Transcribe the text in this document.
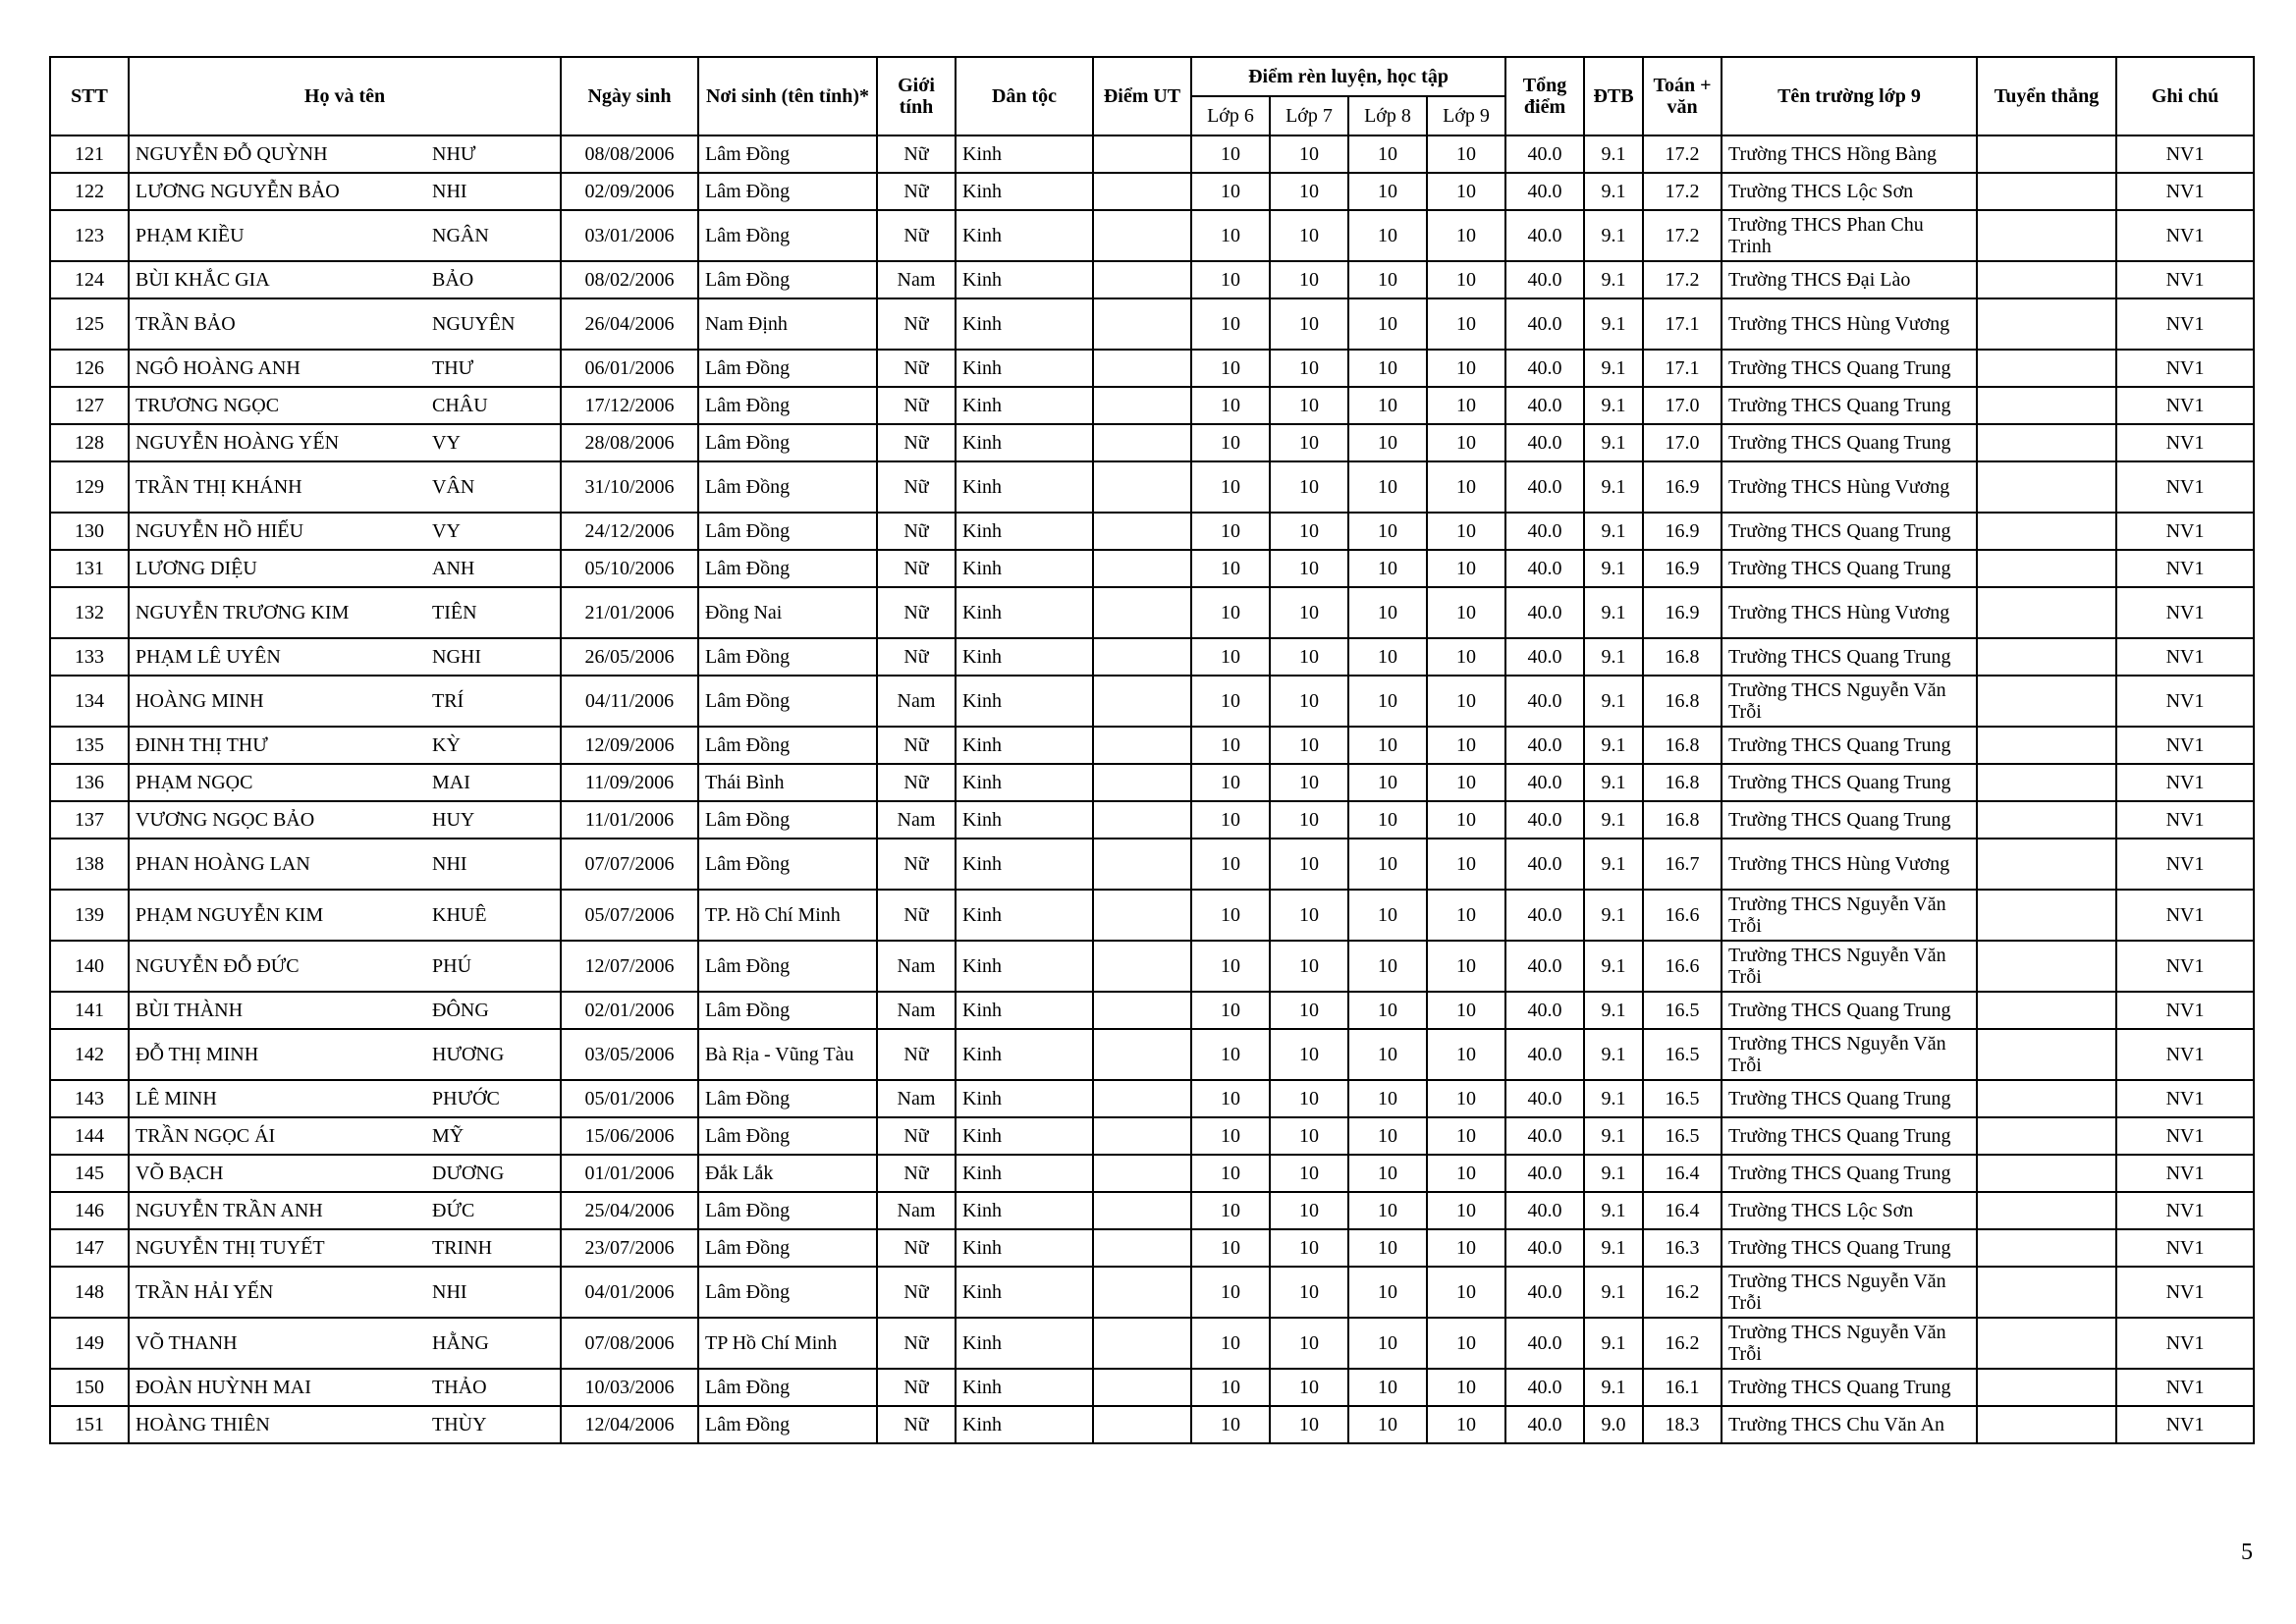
STT	Họ và tên	Ngày sinh	Nơi sinh (tên tỉnh)*	Giới tính	Dân tộc	Điểm UT	Điểm rèn luyện, học tập				Tổng điểm	ĐTB	Toán + văn	Tên trường lớp 9	Tuyển thẳng	Ghi chú
							Lớp 6	Lớp 7	Lớp 8	Lớp 9						
121	NGUYỄN ĐỖ QUỲNH NHƯ	08/08/2006	Lâm Đồng	Nữ	Kinh		10	10	10	10	40.0	9.1	17.2	Trường THCS Hồng Bàng		NV1
122	LƯƠNG NGUYỄN BẢO NHI	02/09/2006	Lâm Đồng	Nữ	Kinh		10	10	10	10	40.0	9.1	17.2	Trường THCS Lộc Sơn		NV1
123	PHẠM KIỀU NGÂN	03/01/2006	Lâm Đồng	Nữ	Kinh		10	10	10	10	40.0	9.1	17.2	Trường THCS Phan Chu Trinh		NV1
124	BÙI KHẮC GIA BẢO	08/02/2006	Lâm Đồng	Nam	Kinh		10	10	10	10	40.0	9.1	17.2	Trường THCS Đại Lào		NV1
125	TRẦN BẢO NGUYÊN	26/04/2006	Nam Định	Nữ	Kinh		10	10	10	10	40.0	9.1	17.1	Trường THCS Hùng Vương		NV1
126	NGÔ HOÀNG ANH THƯ	06/01/2006	Lâm Đồng	Nữ	Kinh		10	10	10	10	40.0	9.1	17.1	Trường THCS Quang Trung		NV1
127	TRƯƠNG NGỌC CHÂU	17/12/2006	Lâm Đồng	Nữ	Kinh		10	10	10	10	40.0	9.1	17.0	Trường THCS Quang Trung		NV1
128	NGUYỄN HOÀNG YẾN VY	28/08/2006	Lâm Đồng	Nữ	Kinh		10	10	10	10	40.0	9.1	17.0	Trường THCS Quang Trung		NV1
129	TRẦN THỊ KHÁNH VÂN	31/10/2006	Lâm Đồng	Nữ	Kinh		10	10	10	10	40.0	9.1	16.9	Trường THCS Hùng Vương		NV1
130	NGUYỄN HỒ HIẾU VY	24/12/2006	Lâm Đồng	Nữ	Kinh		10	10	10	10	40.0	9.1	16.9	Trường THCS Quang Trung		NV1
131	LƯƠNG DIỆU ANH	05/10/2006	Lâm Đồng	Nữ	Kinh		10	10	10	10	40.0	9.1	16.9	Trường THCS Quang Trung		NV1
132	NGUYỄN TRƯƠNG KIM TIÊN	21/01/2006	Đồng Nai	Nữ	Kinh		10	10	10	10	40.0	9.1	16.9	Trường THCS Hùng Vương		NV1
133	PHẠM LÊ UYÊN NGHI	26/05/2006	Lâm Đồng	Nữ	Kinh		10	10	10	10	40.0	9.1	16.8	Trường THCS Quang Trung		NV1
134	HOÀNG MINH TRÍ	04/11/2006	Lâm Đồng	Nam	Kinh		10	10	10	10	40.0	9.1	16.8	Trường THCS Nguyễn Văn Trỗi		NV1
135	ĐINH THỊ THƯ KỲ	12/09/2006	Lâm Đồng	Nữ	Kinh		10	10	10	10	40.0	9.1	16.8	Trường THCS Quang Trung		NV1
136	PHẠM NGỌC MAI	11/09/2006	Thái Bình	Nữ	Kinh		10	10	10	10	40.0	9.1	16.8	Trường THCS Quang Trung		NV1
137	VƯƠNG NGỌC BẢO HUY	11/01/2006	Lâm Đồng	Nam	Kinh		10	10	10	10	40.0	9.1	16.8	Trường THCS Quang Trung		NV1
138	PHAN HOÀNG LAN NHI	07/07/2006	Lâm Đồng	Nữ	Kinh		10	10	10	10	40.0	9.1	16.7	Trường THCS Hùng Vương		NV1
139	PHẠM NGUYỄN KIM KHUÊ	05/07/2006	TP. Hồ Chí Minh	Nữ	Kinh		10	10	10	10	40.0	9.1	16.6	Trường THCS Nguyễn Văn Trỗi		NV1
140	NGUYỄN ĐỖ ĐỨC PHÚ	12/07/2006	Lâm Đồng	Nam	Kinh		10	10	10	10	40.0	9.1	16.6	Trường THCS Nguyễn Văn Trỗi		NV1
141	BÙI THÀNH ĐÔNG	02/01/2006	Lâm Đồng	Nam	Kinh		10	10	10	10	40.0	9.1	16.5	Trường THCS Quang Trung		NV1
142	ĐỖ THỊ MINH HƯƠNG	03/05/2006	Bà Rịa - Vũng Tàu	Nữ	Kinh		10	10	10	10	40.0	9.1	16.5	Trường THCS Nguyễn Văn Trỗi		NV1
143	LÊ MINH PHƯỚC	05/01/2006	Lâm Đồng	Nam	Kinh		10	10	10	10	40.0	9.1	16.5	Trường THCS Quang Trung		NV1
144	TRẦN NGỌC ÁI MỸ	15/06/2006	Lâm Đồng	Nữ	Kinh		10	10	10	10	40.0	9.1	16.5	Trường THCS Quang Trung		NV1
145	VÕ BẠCH DƯƠNG	01/01/2006	Đắk Lắk	Nữ	Kinh		10	10	10	10	40.0	9.1	16.4	Trường THCS Quang Trung		NV1
146	NGUYỄN TRẦN ANH ĐỨC	25/04/2006	Lâm Đồng	Nam	Kinh		10	10	10	10	40.0	9.1	16.4	Trường THCS Lộc Sơn		NV1
147	NGUYỄN THỊ TUYẾT TRINH	23/07/2006	Lâm Đồng	Nữ	Kinh		10	10	10	10	40.0	9.1	16.3	Trường THCS Quang Trung		NV1
148	TRẦN HẢI YẾN NHI	04/01/2006	Lâm Đồng	Nữ	Kinh		10	10	10	10	40.0	9.1	16.2	Trường THCS Nguyễn Văn Trỗi		NV1
149	VÕ THANH HẰNG	07/08/2006	TP Hồ Chí Minh	Nữ	Kinh		10	10	10	10	40.0	9.1	16.2	Trường THCS Nguyễn Văn Trỗi		NV1
150	ĐOÀN HUỲNH MAI THẢO	10/03/2006	Lâm Đồng	Nữ	Kinh		10	10	10	10	40.0	9.1	16.1	Trường THCS Quang Trung		NV1
151	HOÀNG THIÊN THÙY	12/04/2006	Lâm Đồng	Nữ	Kinh		10	10	10	10	40.0	9.0	18.3	Trường THCS Chu Văn An		NV1
5
